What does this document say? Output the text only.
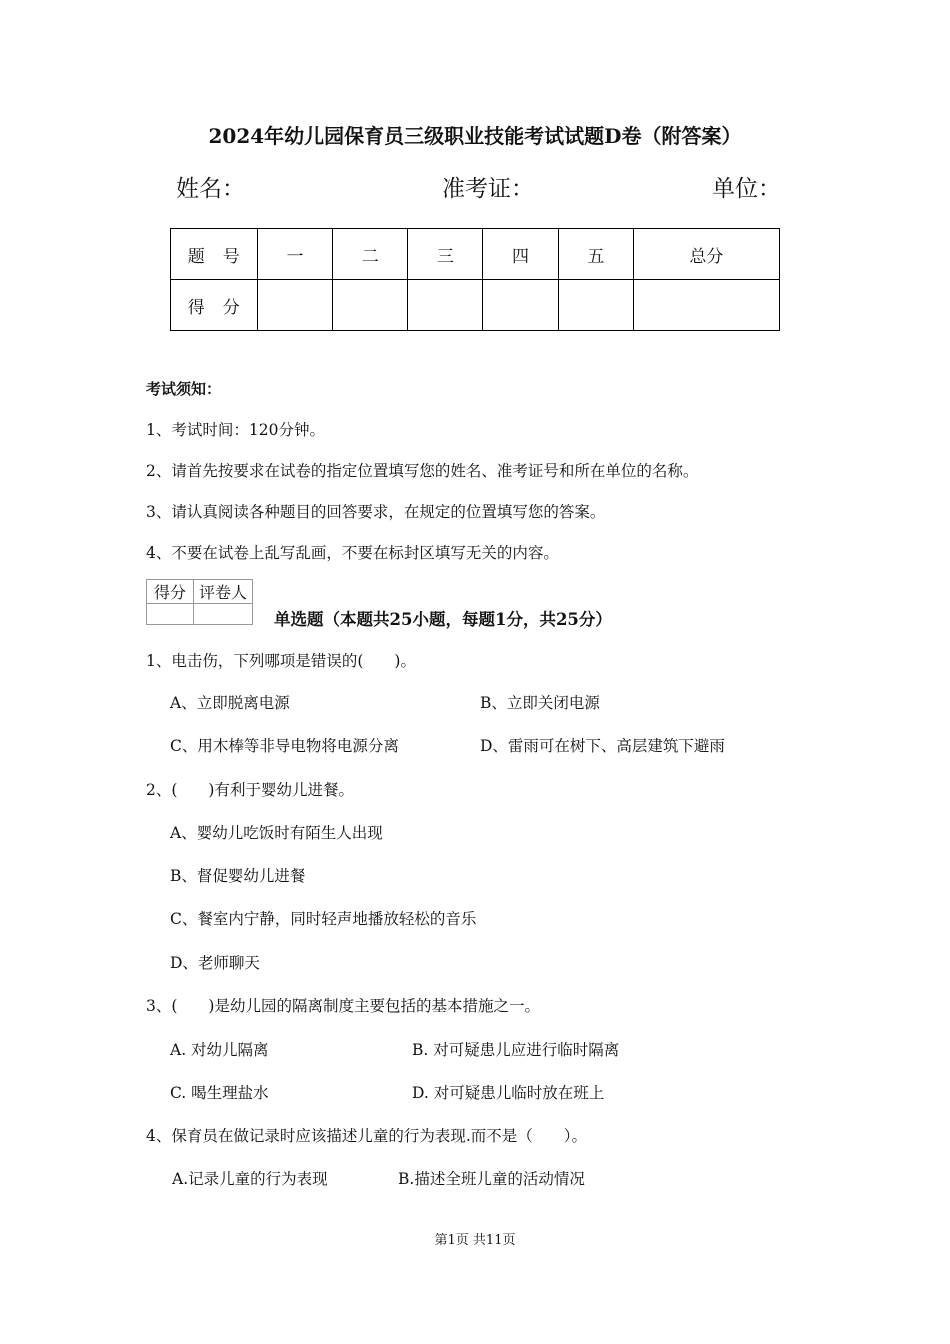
2024年幼儿园保育员三级职业技能考试试题D卷（附答案）
姓名：	准考证：	单位：
题　号	一	二	三	四	五	总分
得　分						
考试须知：
1、考试时间：120分钟。
2、请首先按要求在试卷的指定位置填写您的姓名、准考证号和所在单位的名称。
3、请认真阅读各种题目的回答要求，在规定的位置填写您的答案。
4、不要在试卷上乱写乱画，不要在标封区填写无关的内容。
得分	评卷人

单选题（本题共25小题，每题1分，共25分）
1、电击伤，下列哪项是错误的(　　)。
A、立即脱离电源	B、立即关闭电源
C、用木棒等非导电物将电源分离	D、雷雨可在树下、高层建筑下避雨
2、(　　)有利于婴幼儿进餐。
A、婴幼儿吃饭时有陌生人出现
B、督促婴幼儿进餐
C、餐室内宁静，同时轻声地播放轻松的音乐
D、老师聊天
3、(　　)是幼儿园的隔离制度主要包括的基本措施之一。
A. 对幼儿隔离	B. 对可疑患儿应进行临时隔离
C. 喝生理盐水	D. 对可疑患儿临时放在班上
4、保育员在做记录时应该描述儿童的行为表现.而不是（　　）。
A.记录儿童的行为表现	B.描述全班儿童的活动情况
第1页 共11页
